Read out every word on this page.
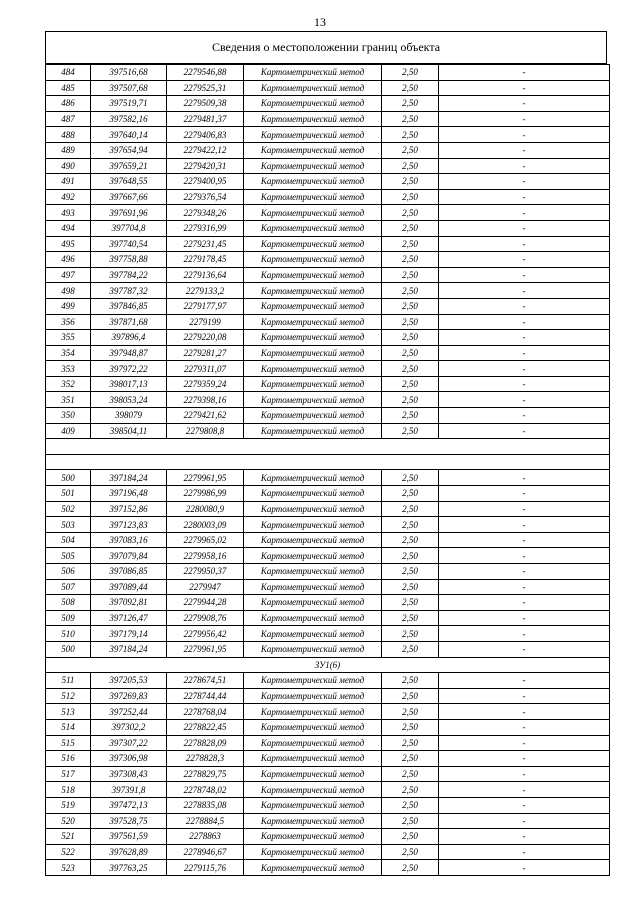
13
Сведения о местоположении границ объекта
484	397516,68	2279546,88	Картометрический метод	2,50	-
485	397507,68	2279525,31	Картометрический метод	2,50	-
486	397519,71	2279509,38	Картометрический метод	2,50	-
487	397582,16	2279481,37	Картометрический метод	2,50	-
488	397640,14	2279406,83	Картометрический метод	2,50	-
489	397654,94	2279422,12	Картометрический метод	2,50	-
490	397659,21	2279420,31	Картометрический метод	2,50	-
491	397648,55	2279400,95	Картометрический метод	2,50	-
492	397667,66	2279376,54	Картометрический метод	2,50	-
493	397691,96	2279348,26	Картометрический метод	2,50	-
494	397704,8	2279316,99	Картометрический метод	2,50	-
495	397740,54	2279231,45	Картометрический метод	2,50	-
496	397758,88	2279178,45	Картометрический метод	2,50	-
497	397784,22	2279136,64	Картометрический метод	2,50	-
498	397787,32	2279133,2	Картометрический метод	2,50	-
499	397846,85	2279177,97	Картометрический метод	2,50	-
356	397871,68	2279199	Картометрический метод	2,50	-
355	397896,4	2279220,08	Картометрический метод	2,50	-
354	397948,87	2279281,27	Картометрический метод	2,50	-
353	397972,22	2279311,07	Картометрический метод	2,50	-
352	398017,13	2279359,24	Картометрический метод	2,50	-
351	398053,24	2279398,16	Картометрический метод	2,50	-
350	398079	2279421,62	Картометрический метод	2,50	-
409	398504,11	2279808,8	Картометрический метод	2,50	-

500	397184,24	2279961,95	Картометрический метод	2,50	-
501	397196,48	2279986,99	Картометрический метод	2,50	-
502	397152,86	2280080,9	Картометрический метод	2,50	-
503	397123,83	2280003,09	Картометрический метод	2,50	-
504	397083,16	2279965,02	Картометрический метод	2,50	-
505	397079,84	2279958,16	Картометрический метод	2,50	-
506	397086,85	2279950,37	Картометрический метод	2,50	-
507	397089,44	2279947	Картометрический метод	2,50	-
508	397092,81	2279944,28	Картометрический метод	2,50	-
509	397126,47	2279908,76	Картометрический метод	2,50	-
510	397179,14	2279956,42	Картометрический метод	2,50	-
500	397184,24	2279961,95	Картометрический метод	2,50	-
ЗУ1(6)					
511	397205,53	2278674,51	Картометрический метод	2,50	-
512	397269,83	2278744,44	Картометрический метод	2,50	-
513	397252,44	2278768,04	Картометрический метод	2,50	-
514	397302,2	2278822,45	Картометрический метод	2,50	-
515	397307,22	2278828,09	Картометрический метод	2,50	-
516	397306,98	2278828,3	Картометрический метод	2,50	-
517	397308,43	2278829,75	Картометрический метод	2,50	-
518	397391,8	2278748,02	Картометрический метод	2,50	-
519	397472,13	2278835,08	Картометрический метод	2,50	-
520	397528,75	2278884,5	Картометрический метод	2,50	-
521	397561,59	2278863	Картометрический метод	2,50	-
522	397628,89	2278946,67	Картометрический метод	2,50	-
523	397763,25	2279115,76	Картометрический метод	2,50	-
